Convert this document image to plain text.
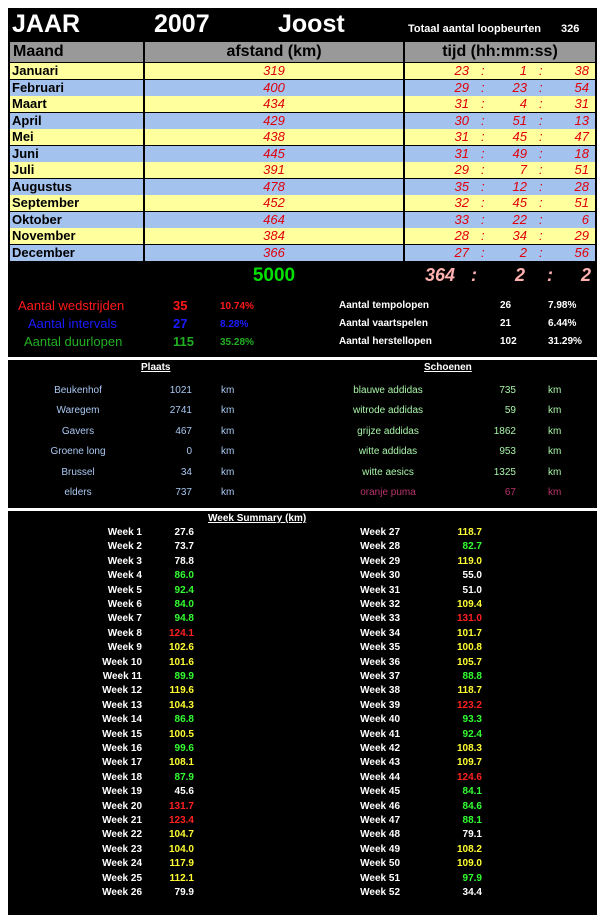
JAAR	2007	Joost	Totaal aantal loopbeurten 326
Maand	afstand (km)	tijd (hh:mm:ss)
Januari	319	23 :	1 :	38
Februari	400	29 :	23 :	54
Maart	434	31 :	4 :	31
April	429	30 :	51 :	13
Mei	438	31 :	45 :	47
Juni	445	31 :	49 :	18
Juli	391	29 :	7 :	51
Augustus	478	35 :	12 :	28
September	452	32 :	45 :	51
Oktober	464	33 :	22 :	6
November	384	28 :	34 :	29
December	366	27 :	2 :	56
Jaartotaal	5000	364 : 2 : 2
Aantal wedstrijden	35	10.74%
Aantal intervals	27	8.28%
Aantal duurlopen	115	35.28%
Aantal tempolopen	26	7.98%
Aantal vaartspelen	21	6.44%
Aantal herstellopen	102	31.29%
Plaats	Schoenen
Beukenhof	1021	km
Waregem	2741	km
Gavers	467	km
Groene long	0	km
Brussel	34	km
elders	737	km
blauwe addidas	735	km
witrode addidas	59	km
grijze addidas	1862	km
witte addidas	953	km
witte aesics	1325	km
oranje puma	67	km
Week Summary (km)
Week 1	27.6
Week 2	73.7
Week 3	78.8
Week 4	86.0
Week 5	92.4
Week 6	84.0
Week 7	94.8
Week 8	124.1
Week 9	102.6
Week 10	101.6
Week 11	89.9
Week 12	119.6
Week 13	104.3
Week 14	86.8
Week 15	100.5
Week 16	99.6
Week 17	108.1
Week 18	87.9
Week 19	45.6
Week 20	131.7
Week 21	123.4
Week 22	104.7
Week 23	104.0
Week 24	117.9
Week 25	112.1
Week 26	79.9
Week 27	118.7
Week 28	82.7
Week 29	119.0
Week 30	55.0
Week 31	51.0
Week 32	109.4
Week 33	131.0
Week 34	101.7
Week 35	100.8
Week 36	105.7
Week 37	88.8
Week 38	118.7
Week 39	123.2
Week 40	93.3
Week 41	92.4
Week 42	108.3
Week 43	109.7
Week 44	124.6
Week 45	84.1
Week 46	84.6
Week 47	88.1
Week 48	79.1
Week 49	108.2
Week 50	109.0
Week 51	97.9
Week 52	34.4
